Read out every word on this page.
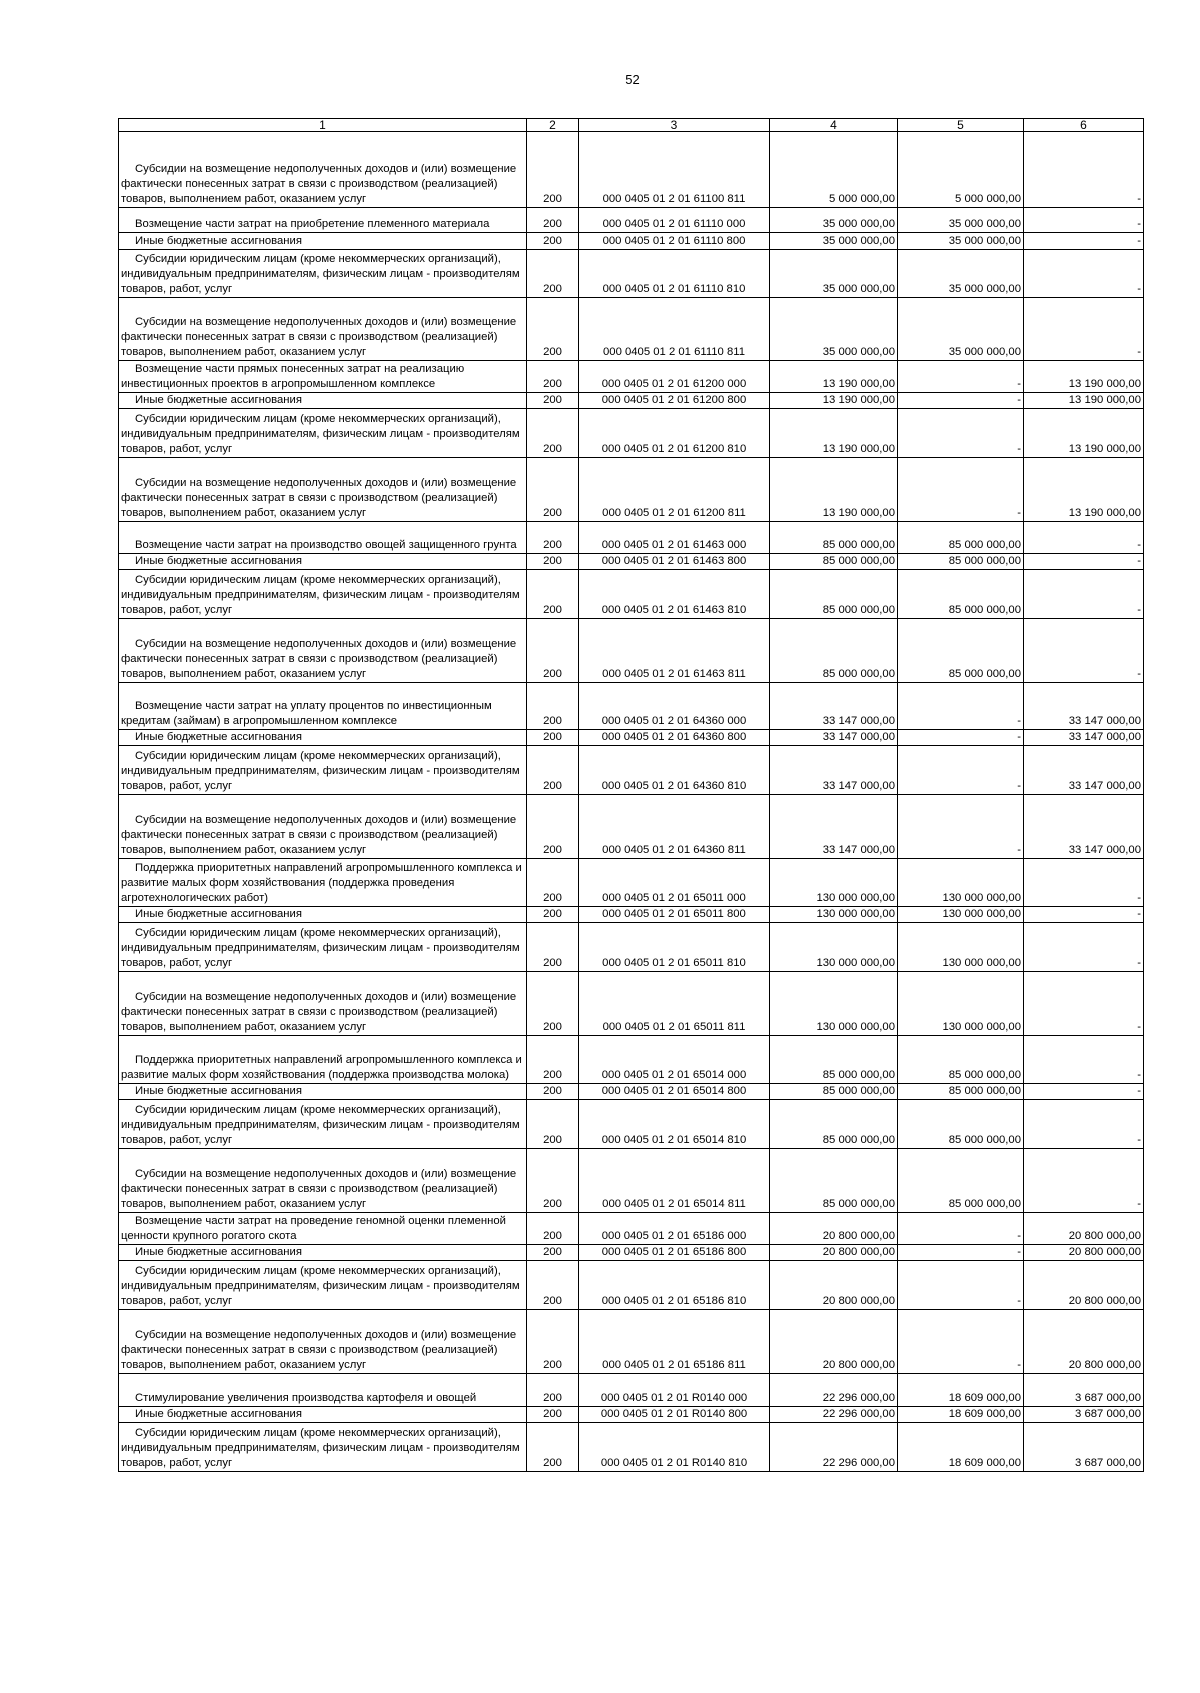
52
1	2	3	4	5	6

Субсидии на возмещение недополученных доходов и (или) возмещение фактически понесенных затрат в связи с производством (реализацией) товаров, выполнением работ, оказанием услуг	200	000 0405 01 2 01 61100 811	5 000 000,00	5 000 000,00	-

Возмещение части затрат на приобретение племенного материала	200	000 0405 01 2 01 61110 000	35 000 000,00	35 000 000,00	-

Иные бюджетные ассигнования	200	000 0405 01 2 01 61110 800	35 000 000,00	35 000 000,00	-

Субсидии юридическим лицам (кроме некоммерческих организаций), индивидуальным предпринимателям, физическим лицам - производителям товаров, работ, услуг	200	000 0405 01 2 01 61110 810	35 000 000,00	35 000 000,00	-

Субсидии на возмещение недополученных доходов и (или) возмещение фактически понесенных затрат в связи с производством (реализацией) товаров, выполнением работ, оказанием услуг	200	000 0405 01 2 01 61110 811	35 000 000,00	35 000 000,00	-

Возмещение части прямых понесенных затрат на реализацию инвестиционных проектов в агропромышленном комплексе	200	000 0405 01 2 01 61200 000	13 190 000,00	-	13 190 000,00

Иные бюджетные ассигнования	200	000 0405 01 2 01 61200 800	13 190 000,00	-	13 190 000,00

Субсидии юридическим лицам (кроме некоммерческих организаций), индивидуальным предпринимателям, физическим лицам - производителям товаров, работ, услуг	200	000 0405 01 2 01 61200 810	13 190 000,00	-	13 190 000,00

Субсидии на возмещение недополученных доходов и (или) возмещение фактически понесенных затрат в связи с производством (реализацией) товаров, выполнением работ, оказанием услуг	200	000 0405 01 2 01 61200 811	13 190 000,00	-	13 190 000,00

Возмещение части затрат на производство овощей защищенного грунта	200	000 0405 01 2 01 61463 000	85 000 000,00	85 000 000,00	-

Иные бюджетные ассигнования	200	000 0405 01 2 01 61463 800	85 000 000,00	85 000 000,00	-

Субсидии юридическим лицам (кроме некоммерческих организаций), индивидуальным предпринимателям, физическим лицам - производителям товаров, работ, услуг	200	000 0405 01 2 01 61463 810	85 000 000,00	85 000 000,00	-

Субсидии на возмещение недополученных доходов и (или) возмещение фактически понесенных затрат в связи с производством (реализацией) товаров, выполнением работ, оказанием услуг	200	000 0405 01 2 01 61463 811	85 000 000,00	85 000 000,00	-

Возмещение части затрат на уплату процентов по инвестиционным кредитам (займам) в агропромышленном комплексе	200	000 0405 01 2 01 64360 000	33 147 000,00	-	33 147 000,00

Иные бюджетные ассигнования	200	000 0405 01 2 01 64360 800	33 147 000,00	-	33 147 000,00

Субсидии юридическим лицам (кроме некоммерческих организаций), индивидуальным предпринимателям, физическим лицам - производителям товаров, работ, услуг	200	000 0405 01 2 01 64360 810	33 147 000,00	-	33 147 000,00

Субсидии на возмещение недополученных доходов и (или) возмещение фактически понесенных затрат в связи с производством (реализацией) товаров, выполнением работ, оказанием услуг	200	000 0405 01 2 01 64360 811	33 147 000,00	-	33 147 000,00

Поддержка приоритетных направлений агропромышленного комплекса и развитие малых форм хозяйствования (поддержка проведения агротехнологических работ)	200	000 0405 01 2 01 65011 000	130 000 000,00	130 000 000,00	-

Иные бюджетные ассигнования	200	000 0405 01 2 01 65011 800	130 000 000,00	130 000 000,00	-

Субсидии юридическим лицам (кроме некоммерческих организаций), индивидуальным предпринимателям, физическим лицам - производителям товаров, работ, услуг	200	000 0405 01 2 01 65011 810	130 000 000,00	130 000 000,00	-

Субсидии на возмещение недополученных доходов и (или) возмещение фактически понесенных затрат в связи с производством (реализацией) товаров, выполнением работ, оказанием услуг	200	000 0405 01 2 01 65011 811	130 000 000,00	130 000 000,00	-

Поддержка приоритетных направлений агропромышленного комплекса и развитие малых форм хозяйствования (поддержка производства молока)	200	000 0405 01 2 01 65014 000	85 000 000,00	85 000 000,00	-

Иные бюджетные ассигнования	200	000 0405 01 2 01 65014 800	85 000 000,00	85 000 000,00	-

Субсидии юридическим лицам (кроме некоммерческих организаций), индивидуальным предпринимателям, физическим лицам - производителям товаров, работ, услуг	200	000 0405 01 2 01 65014 810	85 000 000,00	85 000 000,00	-

Субсидии на возмещение недополученных доходов и (или) возмещение фактически понесенных затрат в связи с производством (реализацией) товаров, выполнением работ, оказанием услуг	200	000 0405 01 2 01 65014 811	85 000 000,00	85 000 000,00	-

Возмещение части затрат на проведение геномной оценки племенной ценности крупного рогатого скота	200	000 0405 01 2 01 65186 000	20 800 000,00	-	20 800 000,00

Иные бюджетные ассигнования	200	000 0405 01 2 01 65186 800	20 800 000,00	-	20 800 000,00

Субсидии юридическим лицам (кроме некоммерческих организаций), индивидуальным предпринимателям, физическим лицам - производителям товаров, работ, услуг	200	000 0405 01 2 01 65186 810	20 800 000,00	-	20 800 000,00

Субсидии на возмещение недополученных доходов и (или) возмещение фактически понесенных затрат в связи с производством (реализацией) товаров, выполнением работ, оказанием услуг	200	000 0405 01 2 01 65186 811	20 800 000,00	-	20 800 000,00

Стимулирование увеличения производства картофеля и овощей	200	000 0405 01 2 01 R0140 000	22 296 000,00	18 609 000,00	3 687 000,00

Иные бюджетные ассигнования	200	000 0405 01 2 01 R0140 800	22 296 000,00	18 609 000,00	3 687 000,00

Субсидии юридическим лицам (кроме некоммерческих организаций), индивидуальным предпринимателям, физическим лицам - производителям товаров, работ, услуг	200	000 0405 01 2 01 R0140 810	22 296 000,00	18 609 000,00	3 687 000,00
